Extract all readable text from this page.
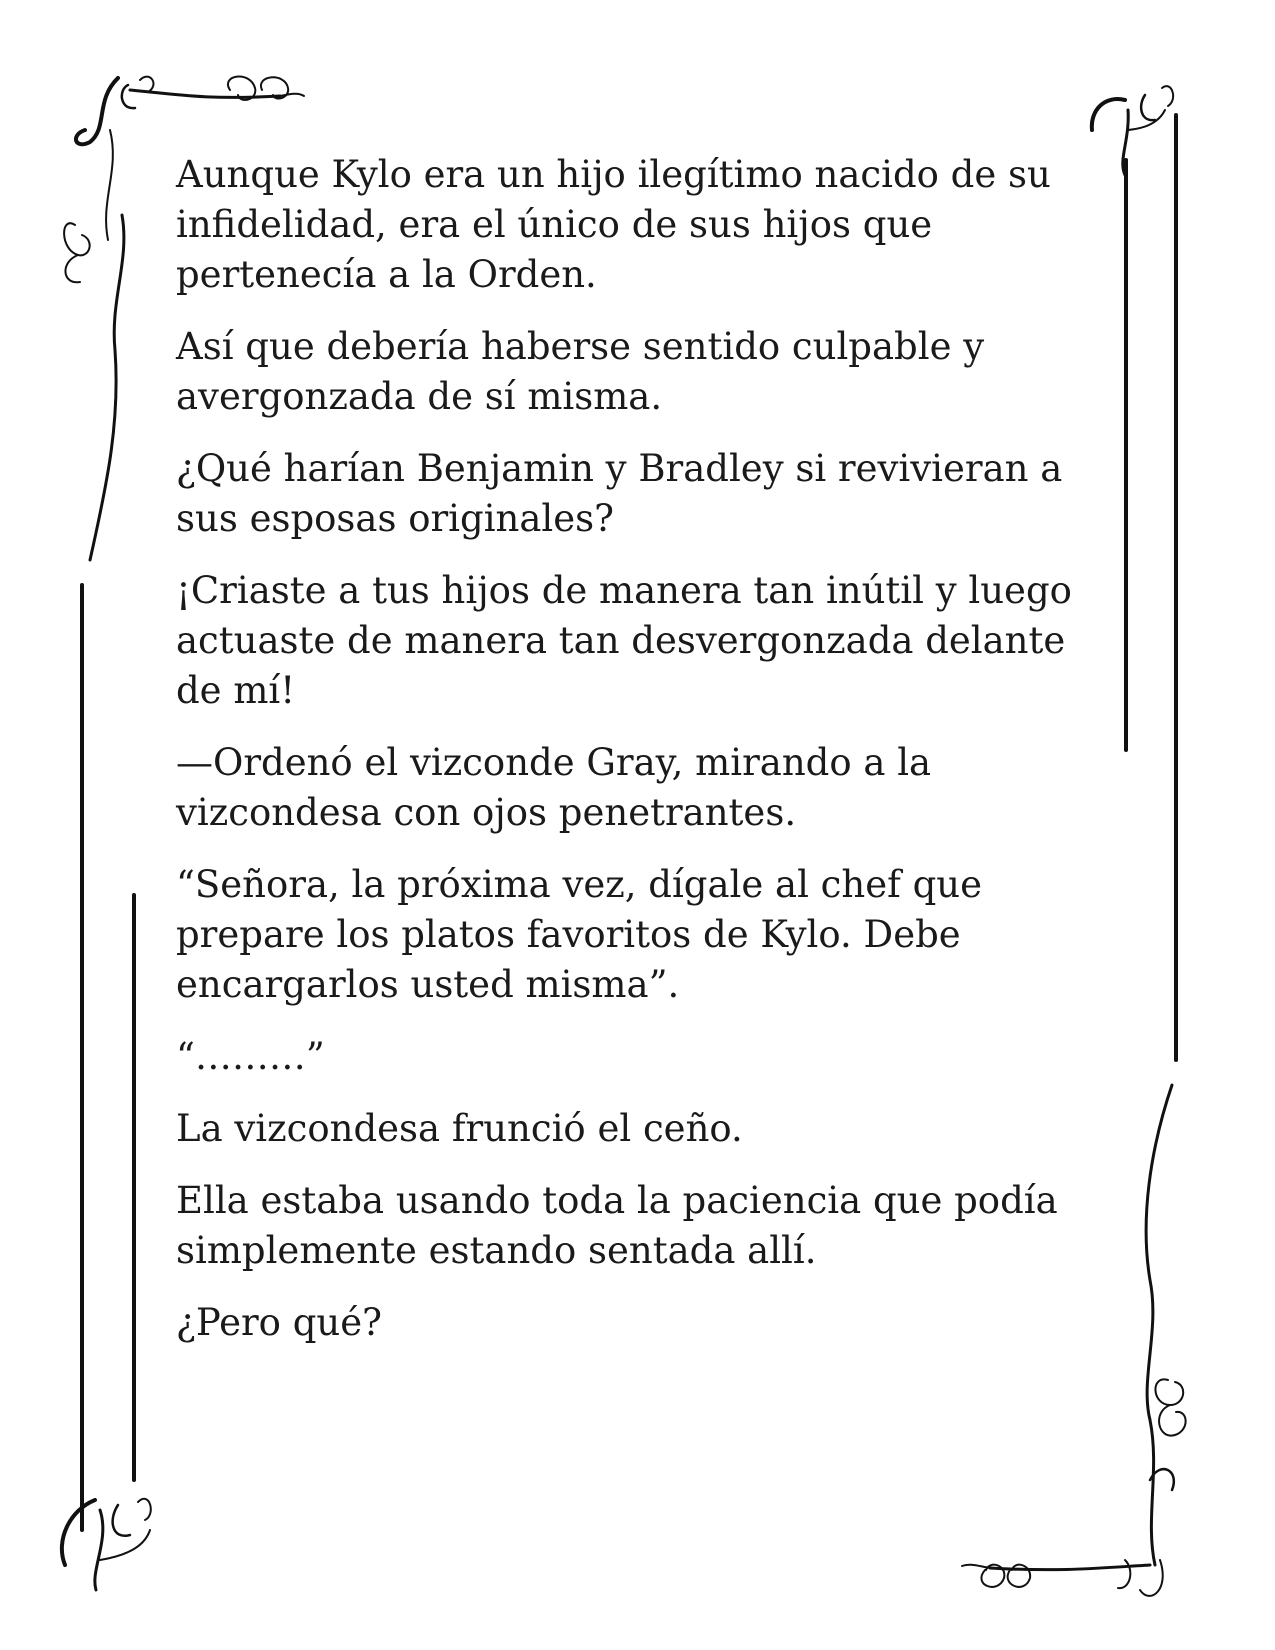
Aunque Kylo era un hijo ilegítimo nacido de su infidelidad, era el único de sus hijos que pertenecía a la Orden.

Así que debería haberse sentido culpable y avergonzada de sí misma.

¿Qué harían Benjamin y Bradley si revivieran a sus esposas originales?

¡Criaste a tus hijos de manera tan inútil y luego actuaste de manera tan desvergonzada delante de mí!

—Ordenó el vizconde Gray, mirando a la vizcondesa con ojos penetrantes.

“Señora, la próxima vez, dígale al chef que prepare los platos favoritos de Kylo. Debe encargarlos usted misma”.

“………”

La vizcondesa frunció el ceño.

Ella estaba usando toda la paciencia que podía simplemente estando sentada allí.

¿Pero qué?
